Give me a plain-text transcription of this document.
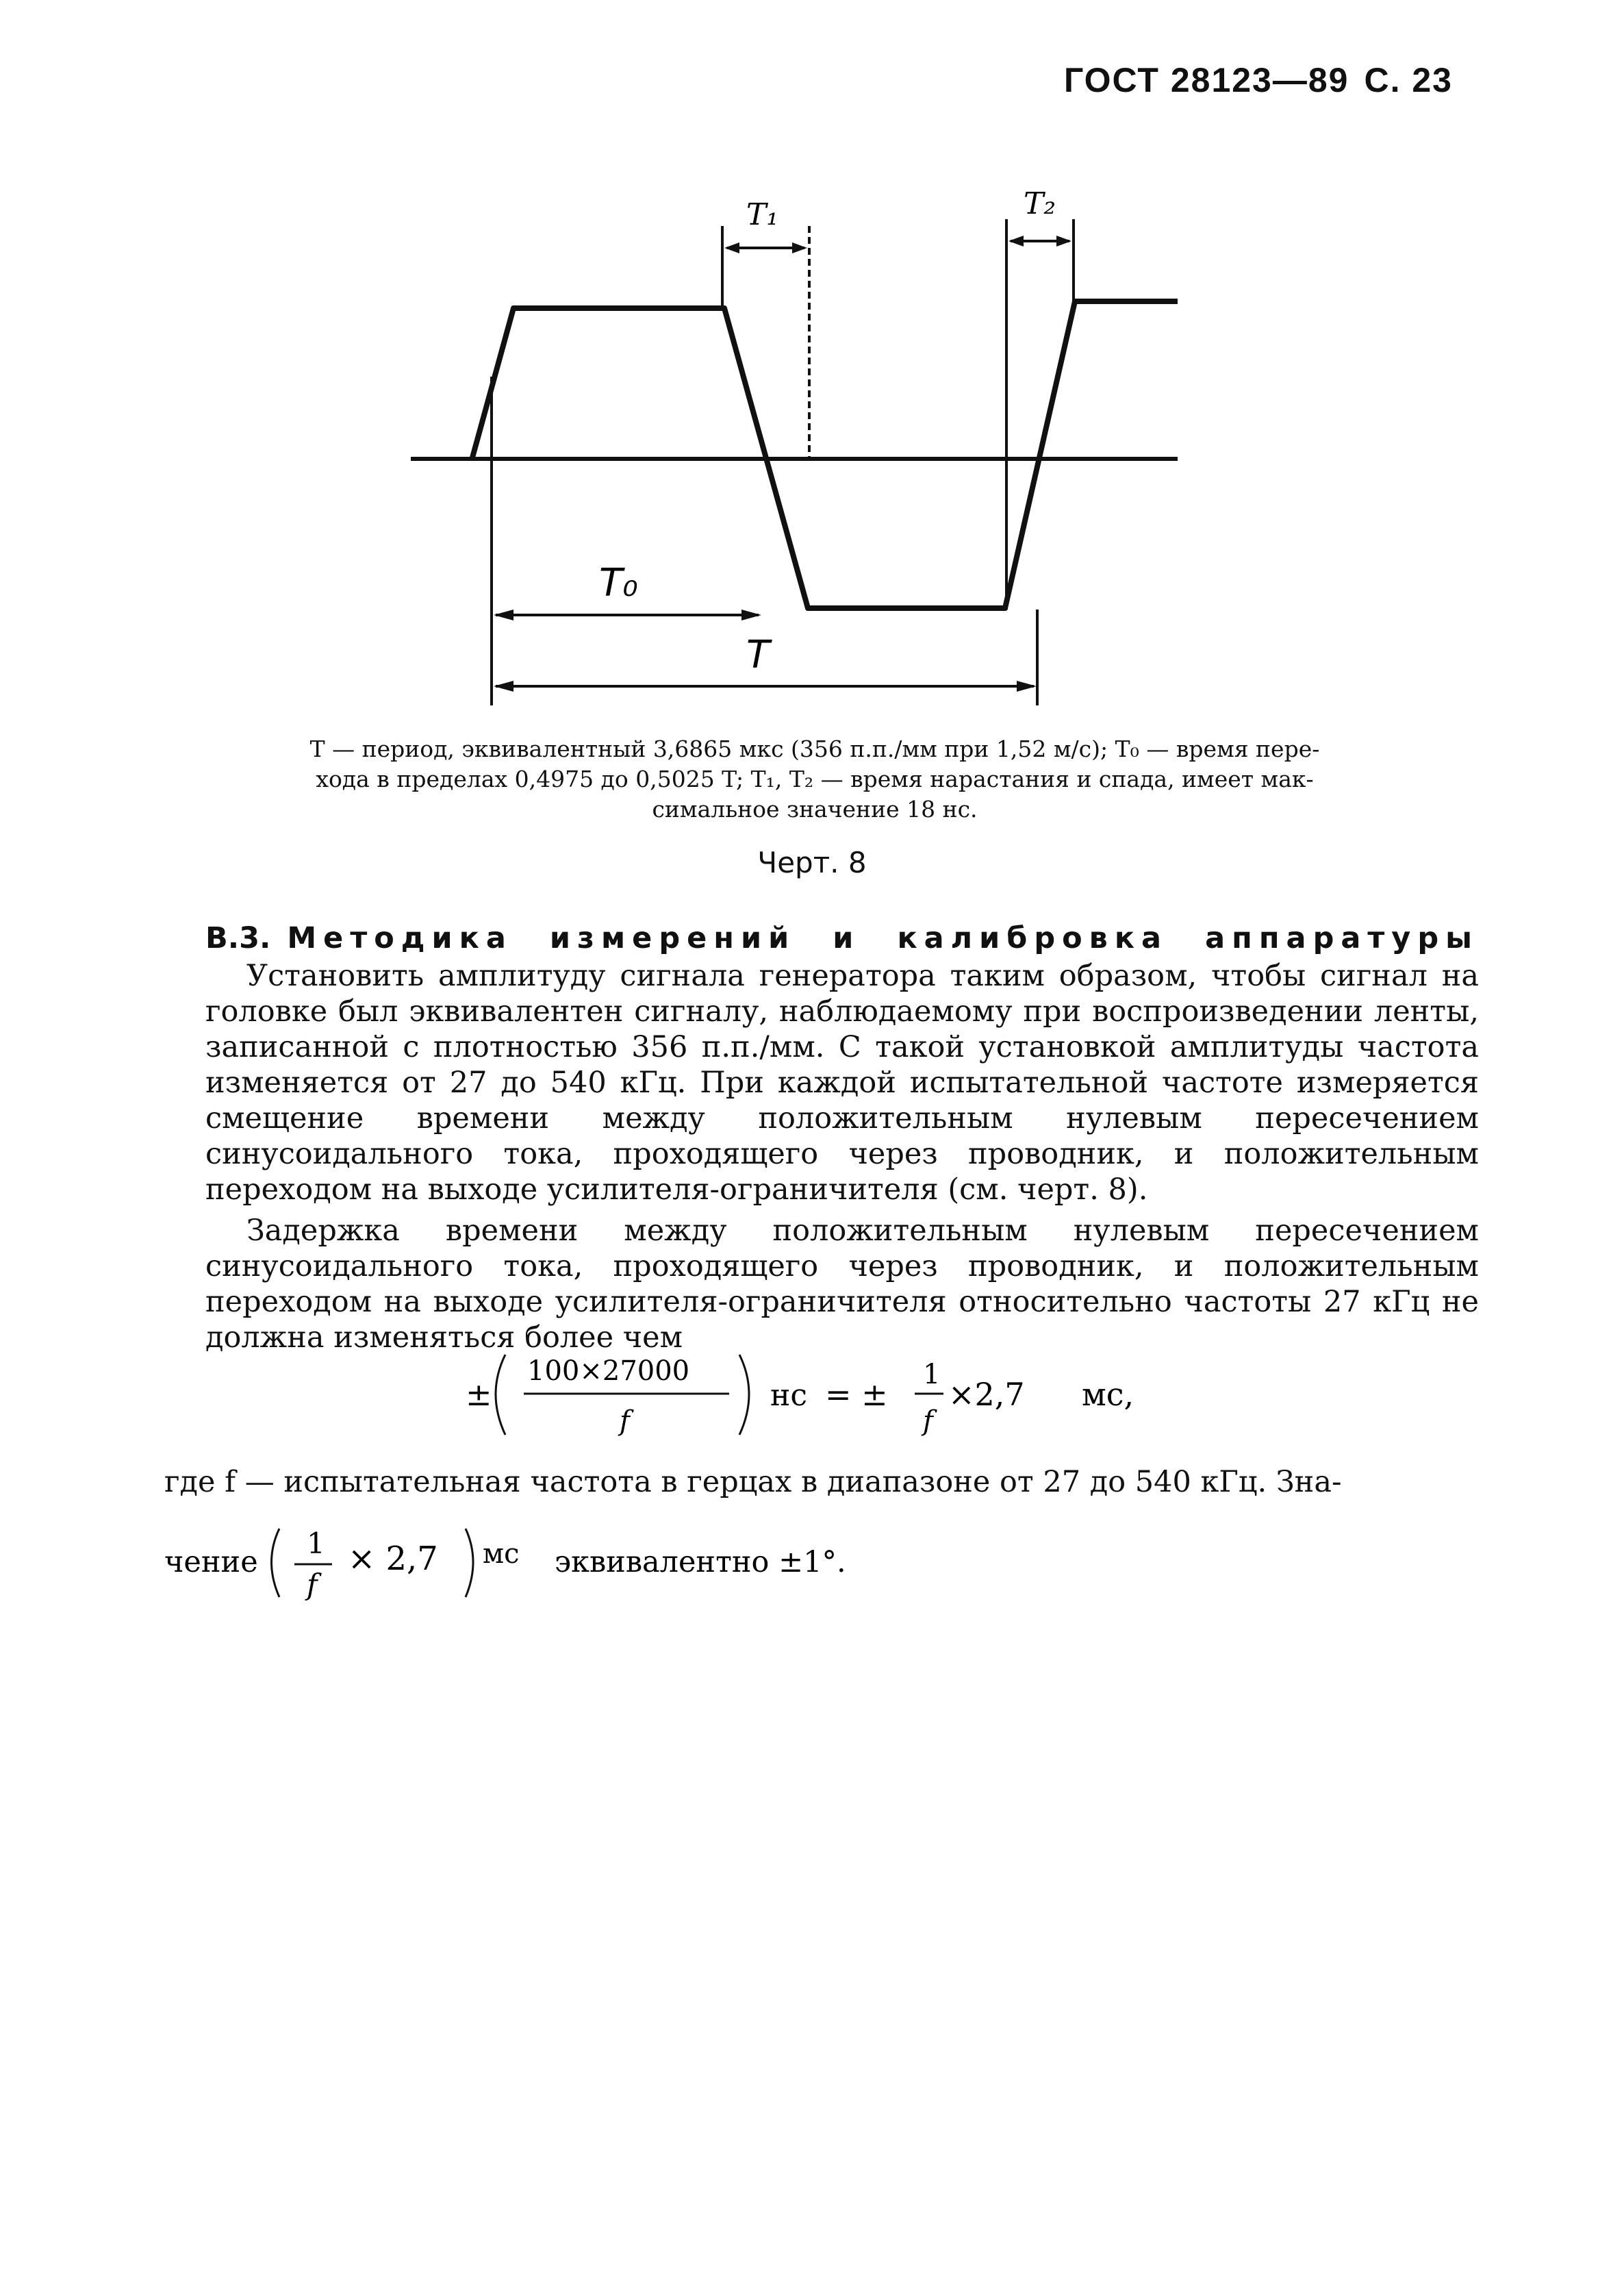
ГОСТ 28123—89 С. 23
T₁	T₂
T₀
T
T — период, эквивалентный 3,6865 мкс (356 п.п./мм при 1,52 м/с); T₀ — время пере-
хода в пределах 0,4975 до 0,5025 T; T₁, T₂ — время нарастания и спада, имеет мак-
симальное значение 18 нс.
Черт. 8
В.3. Методика измерений и калибровка аппаратуры

Установить амплитуду сигнала генератора таким образом, чтобы сигнал на головке был эквивалентен сигналу, наблюдаемому при воспроизведении ленты, записанной с плотностью 356 п.п./мм. С такой установкой амплитуды частота изменяется от 27 до 540 кГц. При каждой испытательной частоте измеряется смещение времени между положительным нулевым пересечением синусоидального тока, проходящего через проводник, и положительным переходом на выходе усилителя-ограничителя (см. черт. 8).

Задержка времени между положительным нулевым пересечением синусоидального тока, проходящего через проводник, и положительным переходом на выходе усилителя-ограничителя относительно частоты 27 кГц не должна изменяться более чем

±
100×27000
f
нс = ±
1
f
×2,7 мс,
где f — испытательная частота в герцах в диапазоне от 27 до 540 кГц. Зна-
чение
1
f
× 2,7 мс эквивалентно ±1°.
